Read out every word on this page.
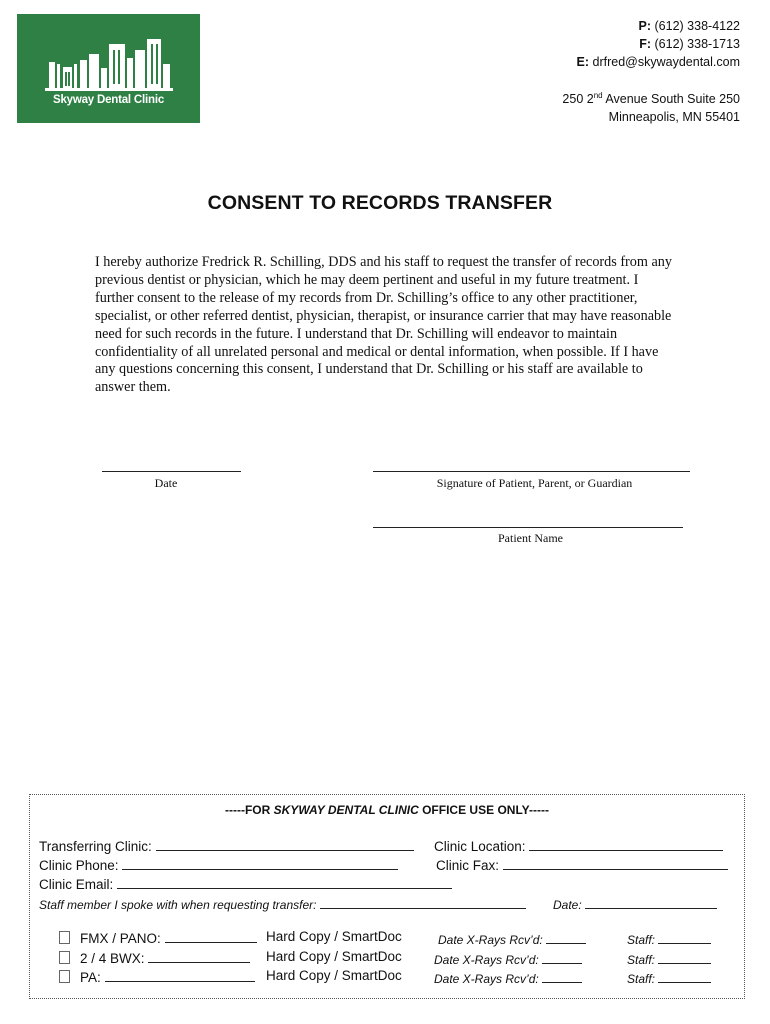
Skyway Dental Clinic
P: (612) 338-4122
F: (612) 338-1713
E: drfred@skywaydental.com
250 2nd Avenue South Suite 250
Minneapolis, MN 55401
CONSENT TO RECORDS TRANSFER

I hereby authorize Fredrick R. Schilling, DDS and his staff to request the transfer of records from any previous dentist or physician, which he may deem pertinent and useful in my future treatment. I further consent to the release of my records from Dr. Schilling’s office to any other practitioner, specialist, or other referred dentist, physician, therapist, or insurance carrier that may have reasonable need for such records in the future. I understand that Dr. Schilling will endeavor to maintain confidentiality of all unrelated personal and medical or dental information, when possible. If I have any questions concerning this consent, I understand that Dr. Schilling or his staff are available to answer them.

Date	Signature of Patient, Parent, or Guardian
Patient Name
-----FOR SKYWAY DENTAL CLINIC OFFICE USE ONLY-----
Transferring Clinic:	Clinic Location:
Clinic Phone:	Clinic Fax:
Clinic Email:
Staff member I spoke with when requesting transfer:	Date:
FMX / PANO:	Hard Copy / SmartDoc	Date X-Rays Rcv’d:	Staff:
2 / 4 BWX:	Hard Copy / SmartDoc	Date X-Rays Rcv’d:	Staff:
PA:	Hard Copy / SmartDoc	Date X-Rays Rcv’d:	Staff:
